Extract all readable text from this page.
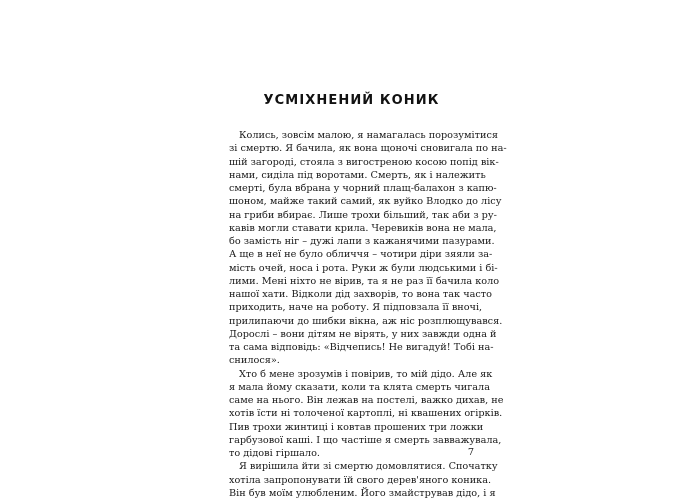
УСМІХНЕНИЙ КОНИК
Колись, зовсім малою, я намагалась порозумітися
зі смертю. Я бачила, як вона щоночі сновигала по на-
шій загороді, стояла з вигостреною косою попід вік-
нами, сиділа під воротами. Смерть, як і належить
смерті, була вбрана у чорний плащ-балахон з капю-
шоном, майже такий самий, як вуйко Влодко до лісу
на гриби вбирає. Лише трохи більший, так аби з ру-
кавів могли ставати крила. Черевиків вона не мала,
бо замість ніг – дужі лапи з кажанячими пазурами.
А ще в неї не було обличчя – чотири діри зяяли за-
мість очей, носа і рота. Руки ж були людськими і бі-
лими. Мені ніхто не вірив, та я не раз її бачила коло
нашої хати. Відколи дід захворів, то вона так часто
приходить, наче на роботу. Я підповзала її вночі,
прилипаючи до шибки вікна, аж ніс розплющувався.
Дорослі – вони дітям не вірять, у них завжди одна й
та сама відповідь: «Відчепись! Не вигадуй! Тобі на-
снилося».
Хто б мене зрозумів і повірив, то мій дідо. Але як
я мала йому сказати, коли та клята смерть чигала
саме на нього. Він лежав на постелі, важко дихав, не
хотів їсти ні толоченої картоплі, ні квашених огірків.
Пив трохи жинтиці і ковтав прошених три ложки
гарбузової каші. І що частіше я смерть завважувала,
то дідові гіршало.
Я вирішила йти зі смертю домовлятися. Спочатку
хотіла запропонувати їй свого дерев'яного коника.
Він був моїм улюбленим. Його змайстрував дідо, і я
7
